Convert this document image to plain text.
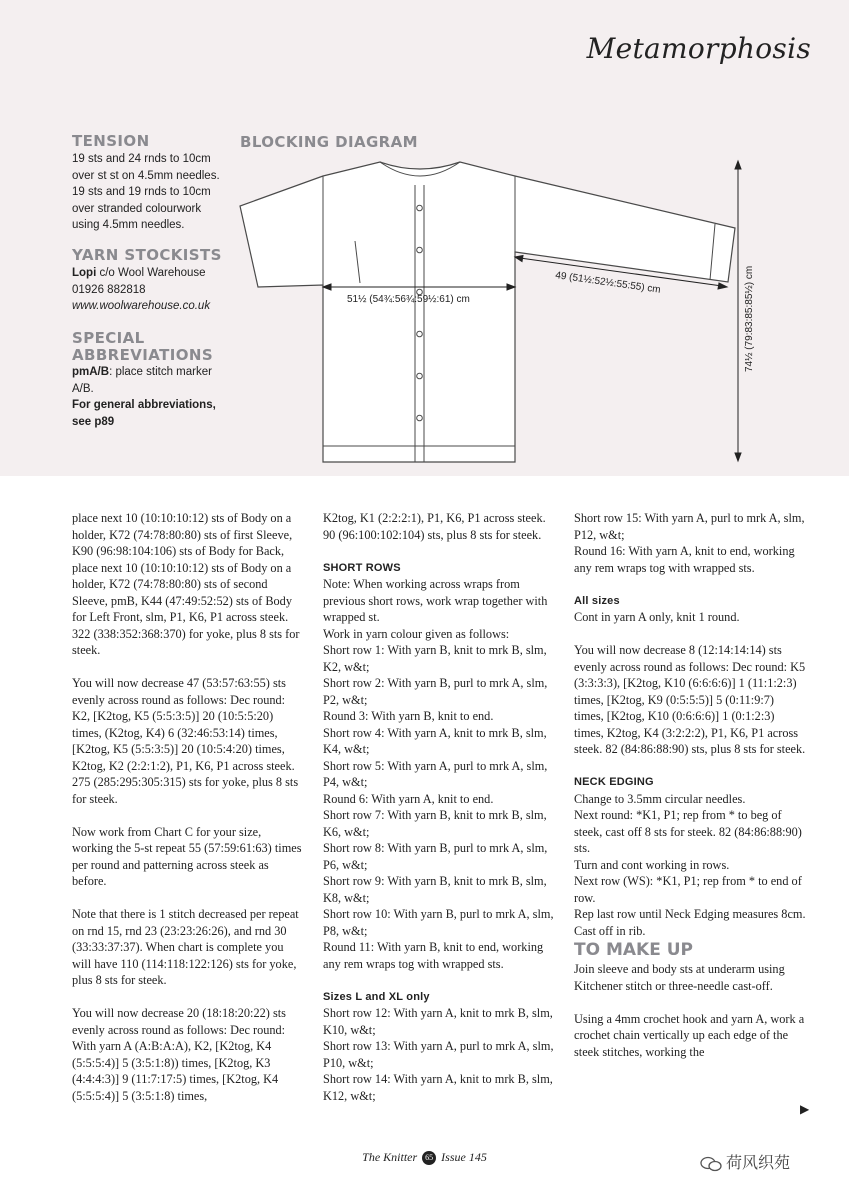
Metamorphosis
TENSION
19 sts and 24 rnds to 10cm
over st st on 4.5mm needles.
19 sts and 19 rnds to 10cm
over stranded colourwork
using 4.5mm needles.
YARN STOCKISTS
Lopi c/o Wool Warehouse
01926 882818
www.woolwarehouse.co.uk
SPECIAL
ABBREVIATIONS
pmA/B: place stitch marker
A/B.
For general abbreviations,
see p89
BLOCKING DIAGRAM
51½ (54¾:56¾:59½:61) cm
49 (51½:52½:55:55) cm	74½ (79:83:85:85½) cm

place next 10 (10:10:10:12) sts of Body on a holder, K72 (74:78:80:80) sts of first Sleeve, K90 (96:98:104:106) sts of Body for Back, place next 10 (10:10:10:12) sts of Body on a holder, K72 (74:78:80:80) sts of second Sleeve, pmB, K44 (47:49:52:52) sts of Body for Left Front, slm, P1, K6, P1 across steek. 322 (338:352:368:370) for yoke, plus 8 sts for steek.

You will now decrease 47 (53:57:63:55) sts evenly across round as follows: Dec round: K2, [K2tog, K5 (5:5:3:5)] 20 (10:5:5:20) times, (K2tog, K4) 6 (32:46:53:14) times, [K2tog, K5 (5:5:3:5)] 20 (10:5:4:20) times, K2tog, K2 (2:2:1:2), P1, K6, P1 across steek. 275 (285:295:305:315) sts for yoke, plus 8 sts for steek.

Now work from Chart C for your size, working the 5-st repeat 55 (57:59:61:63) times per round and patterning across steek as before.

Note that there is 1 stitch decreased per repeat on rnd 15, rnd 23 (23:23:26:26), and rnd 30 (33:33:37:37). When chart is complete you will have 110 (114:118:122:126) sts for yoke, plus 8 sts for steek.

You will now decrease 20 (18:18:20:22) sts evenly across round as follows: Dec round: With yarn A (A:B:A:A), K2, [K2tog, K4 (5:5:5:4)] 5 (3:5:1:8)) times, [K2tog, K3 (4:4:4:3)] 9 (11:7:17:5) times, [K2tog, K4 (5:5:5:4)] 5 (3:5:1:8) times,

K2tog, K1 (2:2:2:1), P1, K6, P1 across steek. 90 (96:100:102:104) sts, plus 8 sts for steek.

SHORT ROWS
Note: When working across wraps from previous short rows, work wrap together with wrapped st.
Work in yarn colour given as follows:
Short row 1: With yarn B, knit to mrk B, slm, K2, w&t;
Short row 2: With yarn B, purl to mrk A, slm, P2, w&t;
Round 3: With yarn B, knit to end.
Short row 4: With yarn A, knit to mrk B, slm, K4, w&t;
Short row 5: With yarn A, purl to mrk A, slm, P4, w&t;
Round 6: With yarn A, knit to end.
Short row 7: With yarn B, knit to mrk B, slm, K6, w&t;
Short row 8: With yarn B, purl to mrk A, slm, P6, w&t;
Short row 9: With yarn B, knit to mrk B, slm, K8, w&t;
Short row 10: With yarn B, purl to mrk A, slm, P8, w&t;

Round 11: With yarn B, knit to end, working any rem wraps tog with wrapped sts.

Sizes L and XL only
Short row 12: With yarn A, knit to mrk B, slm, K10, w&t;
Short row 13: With yarn A, purl to mrk A, slm, P10, w&t;
Short row 14: With yarn A, knit to mrk B, slm, K12, w&t;
Short row 15: With yarn A, purl to mrk A, slm, P12, w&t;

Round 16: With yarn A, knit to end, working any rem wraps tog with wrapped sts.

All sizes

Cont in yarn A only, knit 1 round.

You will now decrease 8 (12:14:14:14) sts evenly across round as follows: Dec round: K5 (3:3:3:3), [K2tog, K10 (6:6:6:6)] 1 (11:1:2:3) times, [K2tog, K9 (0:5:5:5)] 5 (0:11:9:7) times, [K2tog, K10 (0:6:6:6)] 1 (0:1:2:3) times, K2tog, K4 (3:2:2:2), P1, K6, P1 across steek. 82 (84:86:88:90) sts, plus 8 sts for steek.

NECK EDGING
Change to 3.5mm circular needles.
Next round: *K1, P1; rep from * to beg of steek, cast off 8 sts for steek. 82 (84:86:88:90) sts.
Turn and cont working in rows.
Next row (WS): *K1, P1; rep from * to end of row.
Rep last row until Neck Edging measures 8cm.
Cast off in rib.
TO MAKE UP

Join sleeve and body sts at underarm using Kitchener stitch or three-needle cast-off.

Using a 4mm crochet hook and yarn A, work a crochet chain vertically up each edge of the steek stitches, working the

▶
The Knitter 65 Issue 145	荷风织苑
